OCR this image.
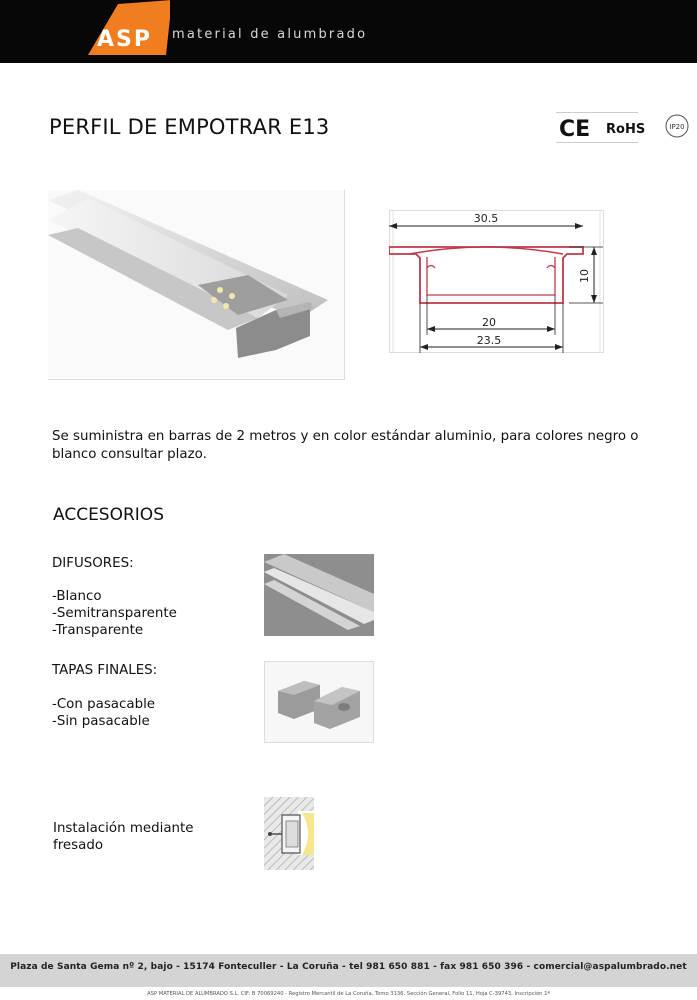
ASP material de alumbrado
PERFIL DE EMPOTRAR E13	CE RoHS	IP20
30.5
10
20
23.5
Se suministra en barras de 2 metros y en color estándar aluminio, para colores negro o blanco consultar plazo.
ACCESORIOS
DIFUSORES:
-Blanco
-Semitransparente
-Transparente
TAPAS FINALES:
-Con pasacable
-Sin pasacable
Instalación mediante
fresado
Plaza de Santa Gema nº 2, bajo - 15174 Fonteculler - La Coruña - tel 981 650 881 - fax 981 650 396 - comercial@aspalumbrado.net
ASP MATERIAL DE ALUMBRADO S.L. CIF: B 70069240 - Registro Mercantil de La Coruña, Tomo 3136, Sección General, Folio 11, Hoja C-39743, Inscripción 1ª
